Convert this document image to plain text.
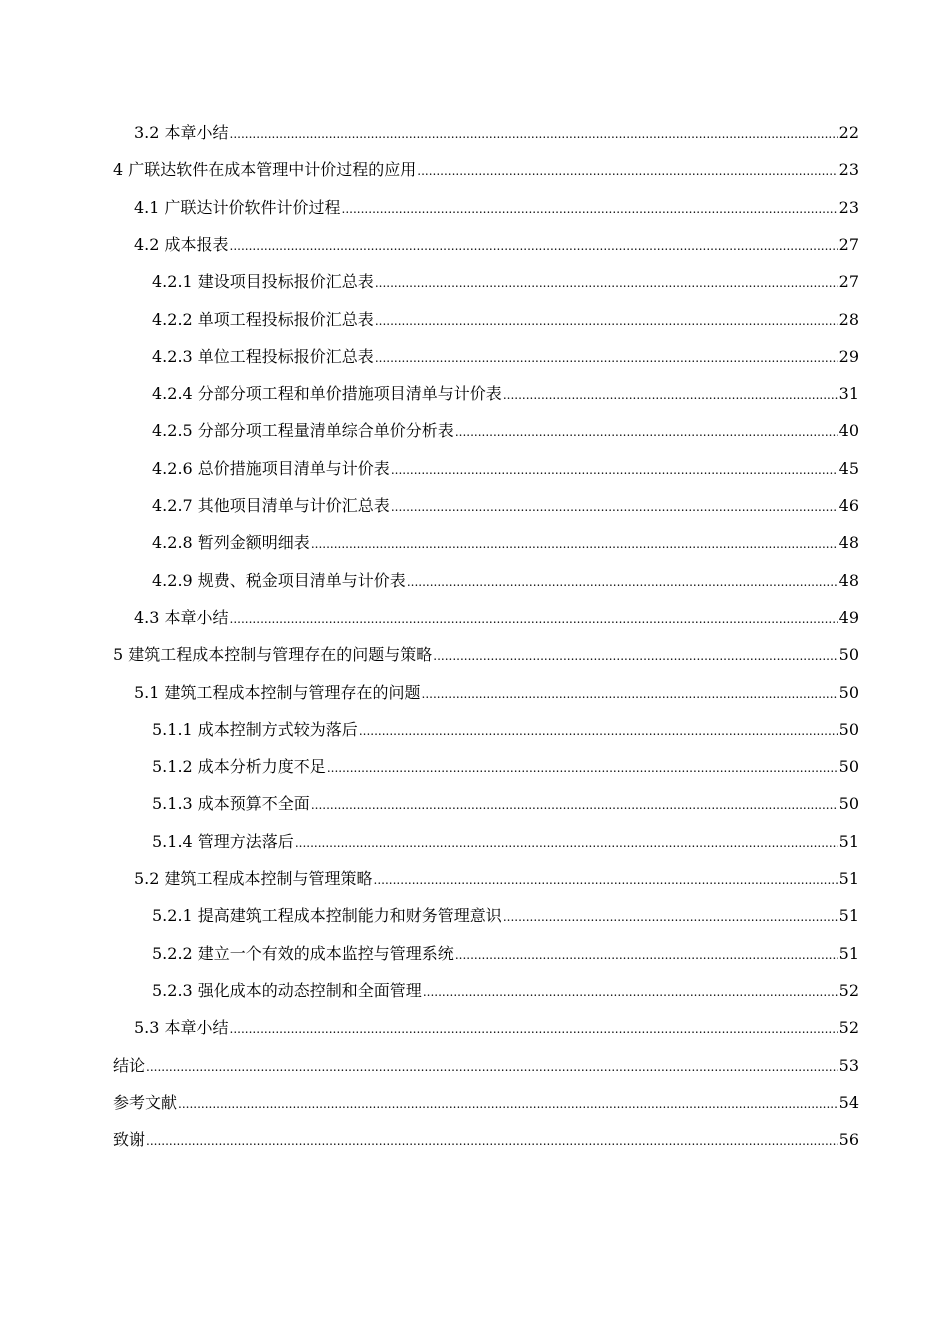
3.2 本章小结 .....	22
4 广联达软件在成本管理中计价过程的应用 .....	23
4.1 广联达计价软件计价过程 .....	23
4.2 成本报表 .....	27
4.2.1 建设项目投标报价汇总表 .....	27
4.2.2 单项工程投标报价汇总表 .....	28
4.2.3 单位工程投标报价汇总表 .....	29
4.2.4 分部分项工程和单价措施项目清单与计价表 .....	31
4.2.5 分部分项工程量清单综合单价分析表 .....	40
4.2.6 总价措施项目清单与计价表 .....	45
4.2.7 其他项目清单与计价汇总表 .....	46
4.2.8 暂列金额明细表 .....	48
4.2.9 规费、税金项目清单与计价表 .....	48
4.3 本章小结 .....	49
5 建筑工程成本控制与管理存在的问题与策略 .....	50
5.1 建筑工程成本控制与管理存在的问题 .....	50
5.1.1 成本控制方式较为落后 .....	50
5.1.2 成本分析力度不足 .....	50
5.1.3 成本预算不全面 .....	50
5.1.4 管理方法落后 .....	51
5.2 建筑工程成本控制与管理策略 .....	51
5.2.1 提高建筑工程成本控制能力和财务管理意识 .....	51
5.2.2 建立一个有效的成本监控与管理系统 .....	51
5.2.3 强化成本的动态控制和全面管理 .....	52
5.3 本章小结 .....	52
结论 .....	53
参考文献 .....	54
致谢 .....	56
